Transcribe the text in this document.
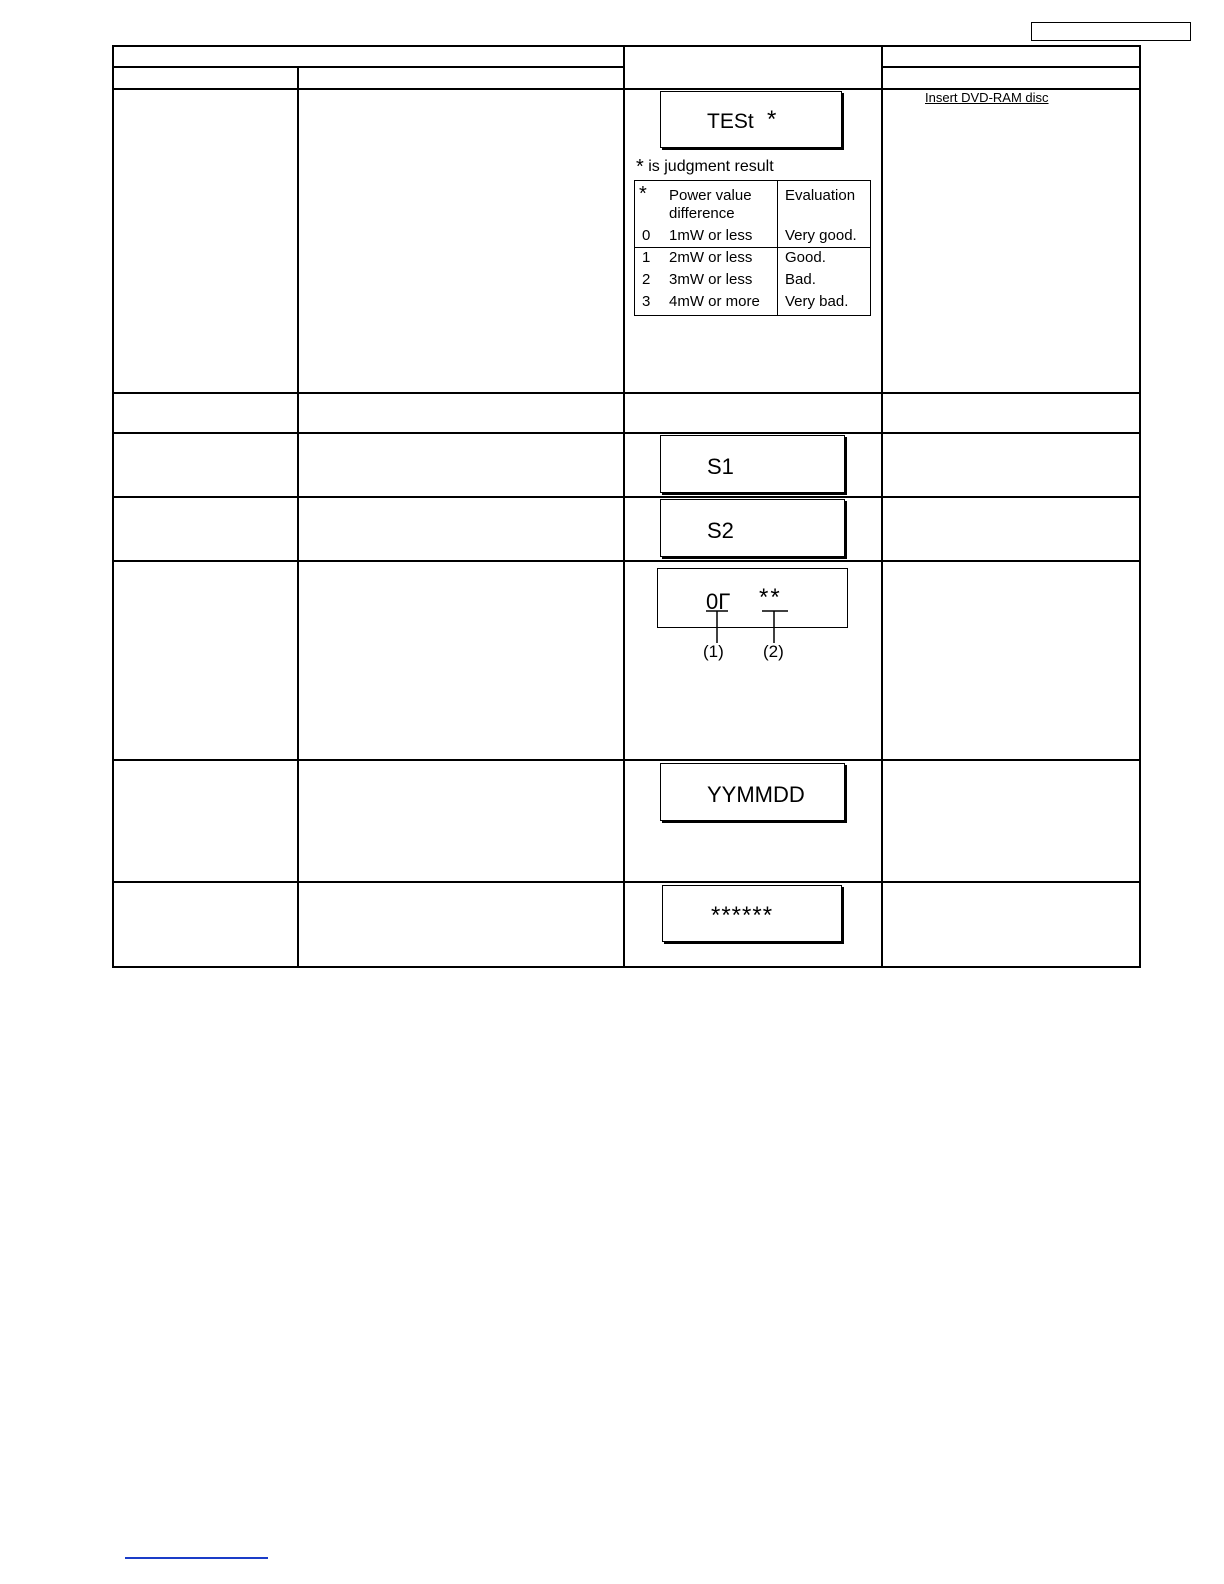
TESt *
* is judgment result
* Power value
difference
Evaluation
0 1mW or less Very good.
1 2mW or less Good.
2 3mW or less Bad.
3 4mW or more Very bad.
Insert DVD-RAM disc
S1
S2
0Γ **
(1) (2)
YYMMDD
******
